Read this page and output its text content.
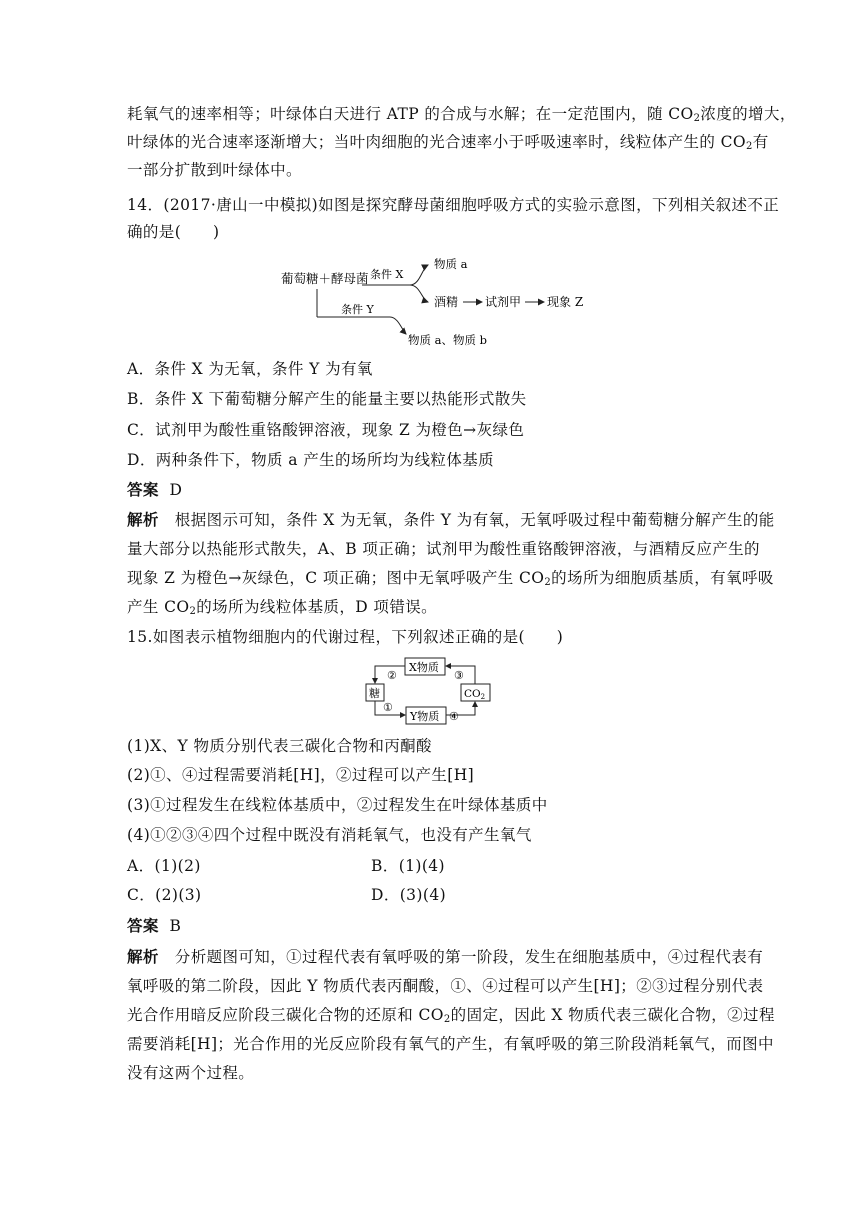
耗氧气的速率相等；叶绿体白天进行 ATP 的合成与水解；在一定范围内，随 $CO_2$浓度的增大，
叶绿体的光合速率逐渐增大；当叶肉细胞的光合速率小于呼吸速率时，线粒体产生的 $CO_2$有
一部分扩散到叶绿体中。
14．(2017·唐山一中模拟)如图是探究酵母菌细胞呼吸方式的实验示意图，下列相关叙述不正
确的是(　　)
葡萄糖＋酵母菌 条件 X
物质 a
酒精 试剂甲 现象 Z
条件 Y
物质 a、物质 b
A．条件 X 为无氧，条件 Y 为有氧
B．条件 X 下葡萄糖分解产生的能量主要以热能形式散失
C．试剂甲为酸性重铬酸钾溶液，现象 Z 为橙色→灰绿色
D．两种条件下，物质 a 产生的场所均为线粒体基质
答案 D
解析 根据图示可知，条件 X 为无氧，条件 Y 为有氧，无氧呼吸过程中葡萄糖分解产生的能
量大部分以热能形式散失，A、B 项正确；试剂甲为酸性重铬酸钾溶液，与酒精反应产生的
现象 Z 为橙色→灰绿色，C 项正确；图中无氧呼吸产生 $CO_2$的场所为细胞质基质，有氧呼吸
产生 $CO_2$的场所为线粒体基质，D 项错误。
15.如图表示植物细胞内的代谢过程，下列叙述正确的是(　　)
X物质
糖	CO2
Y物质
②
①
③
④
(1)X、Y 物质分别代表三碳化合物和丙酮酸
(2)①、④过程需要消耗[H]，②过程可以产生[H]
(3)①过程发生在线粒体基质中，②过程发生在叶绿体基质中
(4)①②③④四个过程中既没有消耗氧气，也没有产生氧气
A．(1)(2)	B．(1)(4)
C．(2)(3)	D．(3)(4)
答案 B
解析 分析题图可知，①过程代表有氧呼吸的第一阶段，发生在细胞基质中，④过程代表有
氧呼吸的第二阶段，因此 Y 物质代表丙酮酸，①、④过程可以产生[H]；②③过程分别代表
光合作用暗反应阶段三碳化合物的还原和 $CO_2$的固定，因此 X 物质代表三碳化合物，②过程
需要消耗[H]；光合作用的光反应阶段有氧气的产生，有氧呼吸的第三阶段消耗氧气，而图中
没有这两个过程。
